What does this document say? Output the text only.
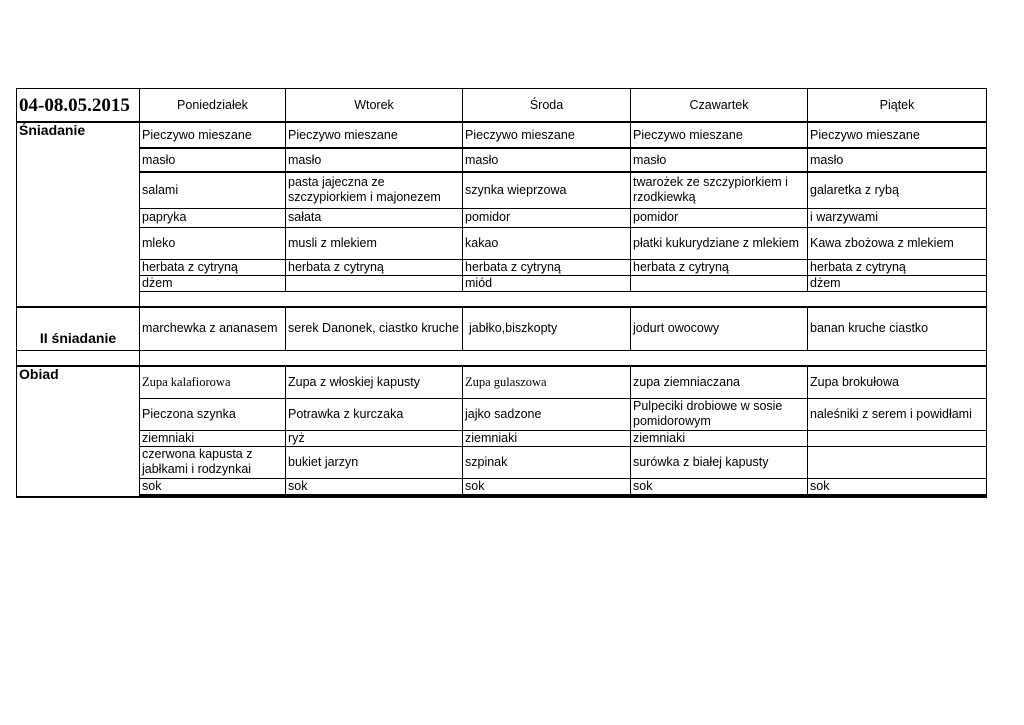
04-08.05.2015	Poniedziałek	Wtorek	Środa	Czawartek	Piątek
Śniadanie	Pieczywo mieszane	Pieczywo mieszane	Pieczywo mieszane	Pieczywo mieszane	Pieczywo mieszane
	masło	masło	masło	masło	masło
	salami	pasta jajeczna ze szczypiorkiem i majonezem	szynka wieprzowa	twarożek ze szczypiorkiem i rzodkiewką	galaretka z rybą
	papryka	sałata	pomidor	pomidor	i warzywami
	mleko	musli z mlekiem	kakao	płatki kukurydziane z mlekiem	Kawa zbożowa z mlekiem
	herbata z cytryną	herbata z cytryną	herbata z cytryną	herbata z cytryną	herbata z cytryną
	dżem		miód		dżem

II śniadanie	marchewka z ananasem	serek Danonek, ciastko kruche	jabłko,biszkopty	jodurt owocowy	banan kruche ciastko

Obiad	Zupa kalafiorowa	Zupa z włoskiej kapusty	Zupa gulaszowa	zupa ziemniaczana	Zupa brokułowa
	Pieczona szynka	Potrawka z kurczaka	jajko sadzone	Pulpeciki drobiowe w sosie pomidorowym	naleśniki z serem i powidłami
	ziemniaki	ryż	ziemniaki	ziemniaki	
	czerwona kapusta z jabłkami i rodzynkai	bukiet jarzyn	szpinak	surówka z białej kapusty	
	sok	sok	sok	sok	sok
